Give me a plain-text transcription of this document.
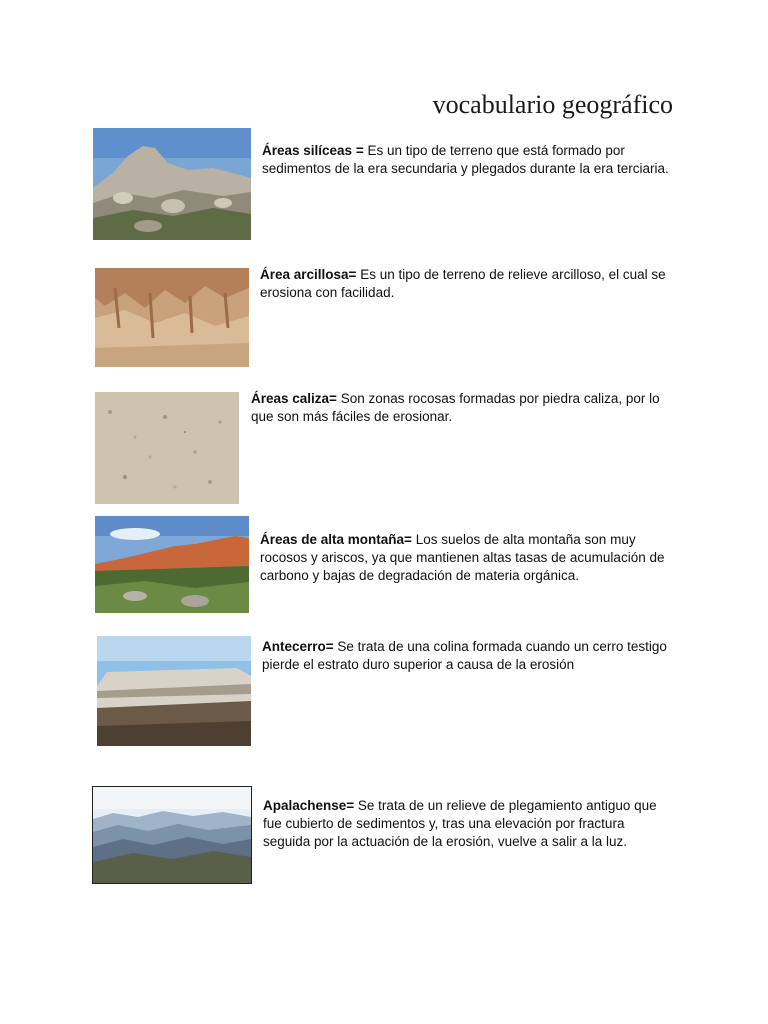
vocabulario geográfico
Áreas silíceas = Es un tipo de terreno que está formado por sedimentos de la era secundaria y plegados durante la era terciaria.
Área arcillosa= Es un tipo de terreno de relieve arcilloso, el cual se erosiona con facilidad.
Áreas caliza= Son zonas rocosas formadas por piedra caliza, por lo que son más fáciles de erosionar.
Áreas de alta montaña= Los suelos de alta montaña son muy rocosos y ariscos, ya que mantienen altas tasas de acumulación de carbono y bajas de degradación de materia orgánica.
Antecerro= Se trata de una colina formada cuando un cerro testigo pierde el estrato duro superior a causa de la erosión
Apalachense= Se trata de un relieve de plegamiento antiguo que fue cubierto de sedimentos y, tras una elevación por fractura seguida por la actuación de la erosión, vuelve a salir a la luz.
